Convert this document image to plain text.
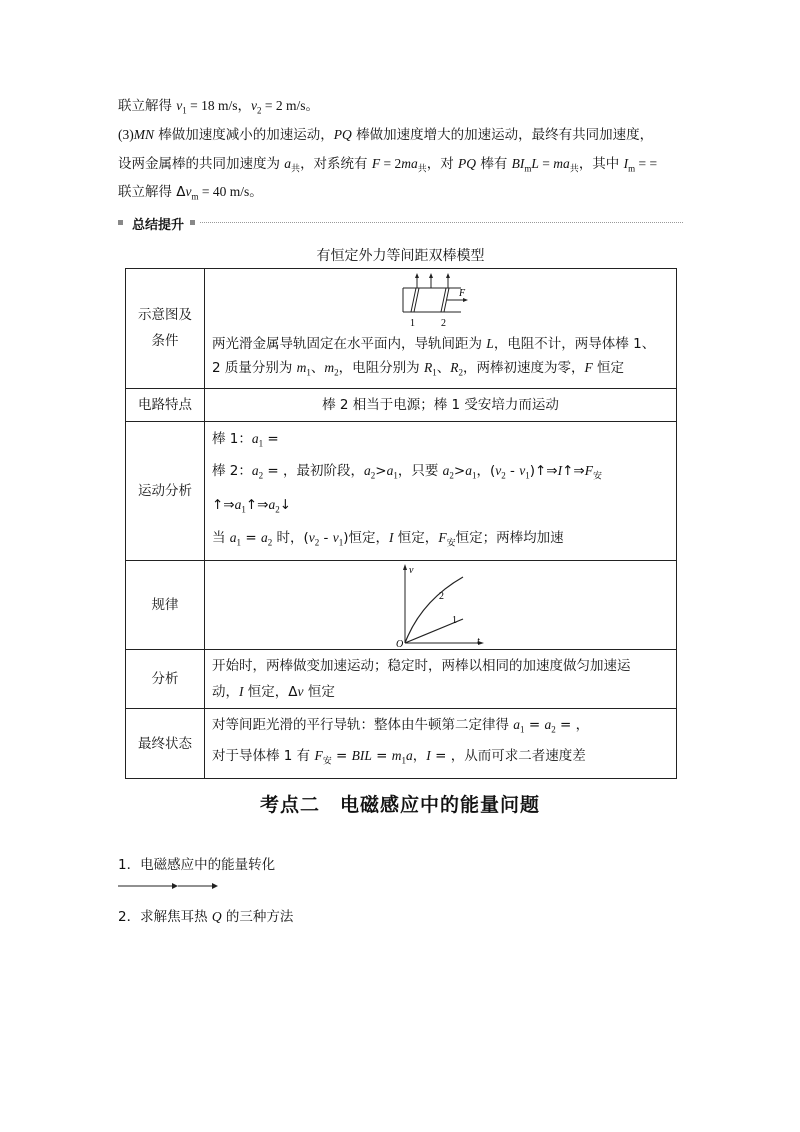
联立解得 $v_1 = 18$ m/s，$v_2 = 2$ m/s。
(3)MN 棒做加速度减小的加速运动，PQ 棒做加速度增大的加速运动，最终有共同加速度，
设两金属棒的共同加速度为 $a_共$，对系统有 $F = 2ma_共$，对 PQ 棒有 $BI_mL = ma_共$，其中 $I_m$ = =
联立解得 $\Delta v_m = 40$ m/s。
总结提升
有恒定外力等间距双棒模型
示意图及条件	F
1 2
两光滑金属导轨固定在水平面内，导轨间距为 L，电阻不计，两导体棒 1、
2 质量分别为 $m_1$、$m_2$，电阻分别为 $R_1$、$R_2$，两棒初速度为零，F 恒定

电路特点	棒 2 相当于电源；棒 1 受安培力而运动
运动分析	棒 1：$a_1$ =
棒 2：$a_2$ = ，最初阶段，$a_2>a_1$，只要 $a_2>a_1$，($v_2$ - $v_1)↑\Rightarrow I↑\Rightarrow F_安$
$↑\Rightarrow a_1↑\Rightarrow a_2↓$
当 $a_1 = a_2$ 时，$(v_2 - v_1)$恒定，I 恒定，$F_安$恒定；两棒均加速

规律	v
t
O
2
1

分析	开始时，两棒做变加速运动；稳定时，两棒以相同的加速度做匀加速运
动，I 恒定，Δv 恒定

最终状态	对等间距光滑的平行导轨：整体由牛顿第二定律得 $a_1 = a_2$ = ，
对于导体棒 1 有 $F_安$ = BIL = $m_1a$，I = ，从而可求二者速度差
考点二　电磁感应中的能量问题
1．电磁感应中的能量转化
2．求解焦耳热 Q 的三种方法
